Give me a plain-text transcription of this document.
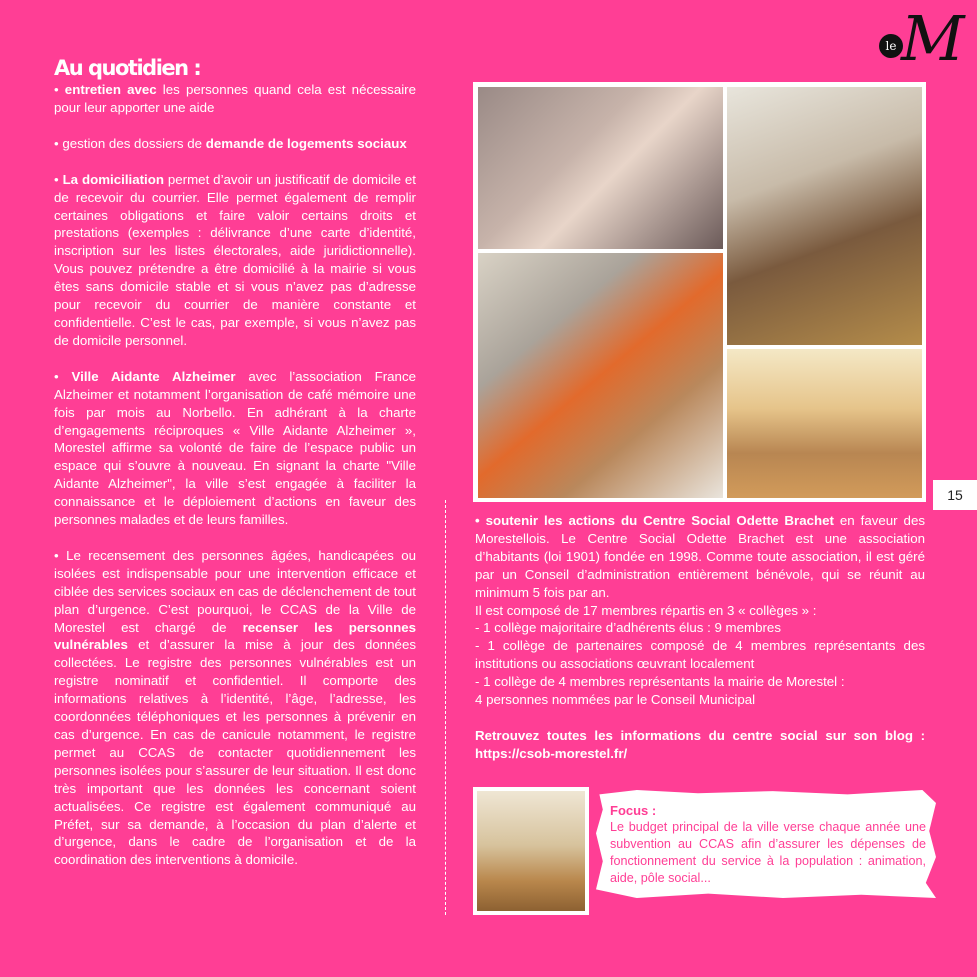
le M
15
Au quotidien :

• entretien avec les personnes quand cela est nécessaire pour leur apporter une aide

• gestion des dossiers de demande de logements sociaux

• La domiciliation permet d’avoir un justificatif de domicile et de recevoir du courrier. Elle permet également de remplir certaines obligations et faire valoir certains droits et prestations (exemples : délivrance d’une carte d’identité, inscription sur les listes électorales, aide juridictionnelle). Vous pouvez prétendre a être domicilié à la mairie si vous êtes sans domicile stable et si vous n’avez pas d’adresse pour recevoir du courrier de manière constante et confidentielle. C’est le cas, par exemple, si vous n’avez pas de domicile personnel.

• Ville Aidante Alzheimer avec l’association France Alzheimer et notamment l’organisation de café mémoire une fois par mois au Norbello. En adhérant à la charte d’engagements réciproques « Ville Aidante Alzheimer », Morestel affirme sa volonté de faire de l’espace public un espace qui s’ouvre à nouveau. En signant la charte "Ville Aidante Alzheimer", la ville s’est engagée à faciliter la connaissance et le déploiement d’actions en faveur des personnes malades et de leurs familles.

• Le recensement des personnes âgées, handicapées ou isolées est indispensable pour une intervention efficace et ciblée des services sociaux en cas de déclenchement de tout plan d’urgence. C’est pourquoi, le CCAS de la Ville de Morestel est chargé de recenser les personnes vulnérables et d’assurer la mise à jour des données collectées. Le registre des personnes vulnérables est un registre nominatif et confidentiel. Il comporte des informations relatives à l’identité, l’âge, l’adresse, les coordonnées téléphoniques et les personnes à prévenir en cas d’urgence. En cas de canicule notamment, le registre permet au CCAS de contacter quotidiennement les personnes isolées pour s’assurer de leur situation. Il est donc très important que les données les concernant soient actualisées. Ce registre est également communiqué au Préfet, sur sa demande, à l’occasion du plan d’alerte et d’urgence, dans le cadre de l’organisation et de la coordination des interventions à domicile.

• soutenir les actions du Centre Social Odette Brachet en faveur des Morestellois. Le Centre Social Odette Brachet est une association d’habitants (loi 1901) fondée en 1998. Comme toute association, il est géré par un Conseil d’administration entièrement bénévole, qui se réunit au minimum 5 fois par an.

Il est composé de 17 membres répartis en 3 « collèges » :

- 1 collège majoritaire d’adhérents élus : 9 membres

- 1 collège de partenaires composé de 4 membres représentants des institutions ou associations œuvrant localement

- 1 collège de 4 membres représentants la mairie de Morestel :

4 personnes nommées par le Conseil Municipal

Retrouvez toutes les informations du centre social sur son blog : https://csob-morestel.fr/

Focus :
Le budget principal de la ville verse chaque année une subvention au CCAS afin d’assurer les dépenses de fonctionnement du service à la population : animation, aide, pôle social...
